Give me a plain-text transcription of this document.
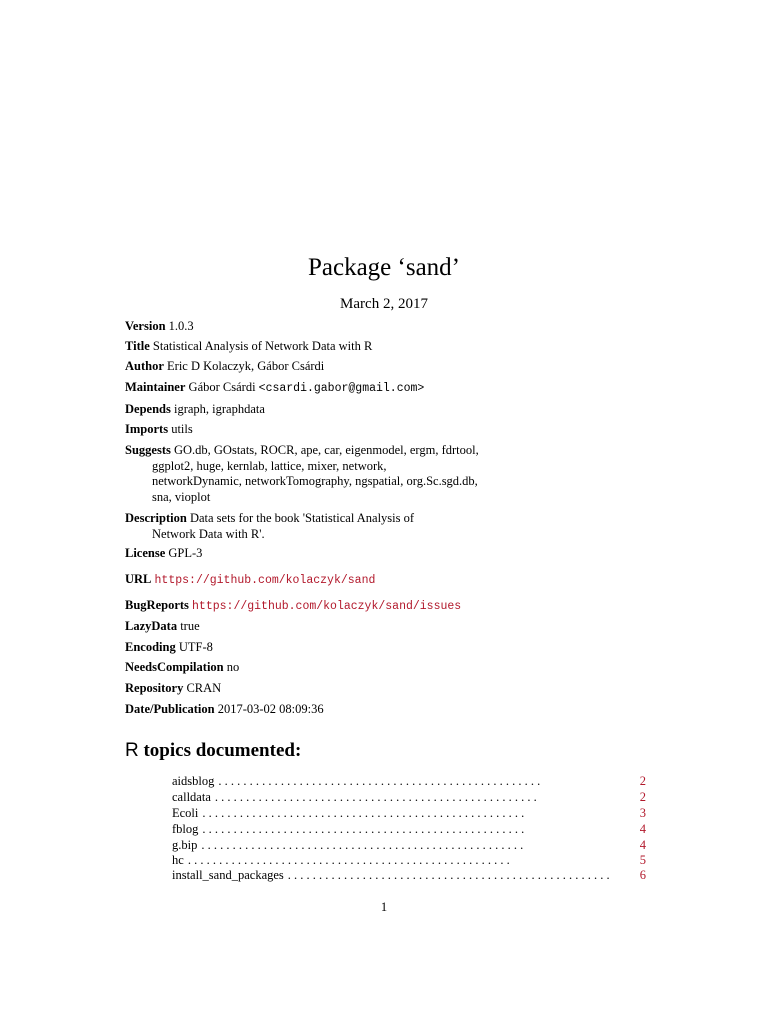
Package ‘sand’
March 2, 2017
Version 1.0.3
Title Statistical Analysis of Network Data with R
Author Eric D Kolaczyk, Gábor Csárdi
Maintainer Gábor Csárdi <csardi.gabor@gmail.com>
Depends igraph, igraphdata
Imports utils
Suggests GO.db, GOstats, ROCR, ape, car, eigenmodel, ergm, fdrtool,
ggplot2, huge, kernlab, lattice, mixer, network,
networkDynamic, networkTomography, ngspatial, org.Sc.sgd.db,
sna, vioplot
Description Data sets for the book 'Statistical Analysis of
Network Data with R'.
License GPL-3
URL https://github.com/kolaczyk/sand
BugReports https://github.com/kolaczyk/sand/issues
LazyData true
Encoding UTF-8
NeedsCompilation no
Repository CRAN
Date/Publication 2017-03-02 08:09:36
R topics documented:
aidsblog . . . . . . . . . . . . . . . . . . . . . . . . . . . . . . . . . . . . . . . . . . . . . . . . . . . .	2
calldata . . . . . . . . . . . . . . . . . . . . . . . . . . . . . . . . . . . . . . . . . . . . . . . . . . . .	2
Ecoli . . . . . . . . . . . . . . . . . . . . . . . . . . . . . . . . . . . . . . . . . . . . . . . . . . . .	3
fblog . . . . . . . . . . . . . . . . . . . . . . . . . . . . . . . . . . . . . . . . . . . . . . . . . . . .	4
g.bip . . . . . . . . . . . . . . . . . . . . . . . . . . . . . . . . . . . . . . . . . . . . . . . . . . . .	4
hc . . . . . . . . . . . . . . . . . . . . . . . . . . . . . . . . . . . . . . . . . . . . . . . . . . . .	5
install_sand_packages . . . . . . . . . . . . . . . . . . . . . . . . . . . . . . . . . . . . . . . . . . . . . . . . . . . .	6
1
